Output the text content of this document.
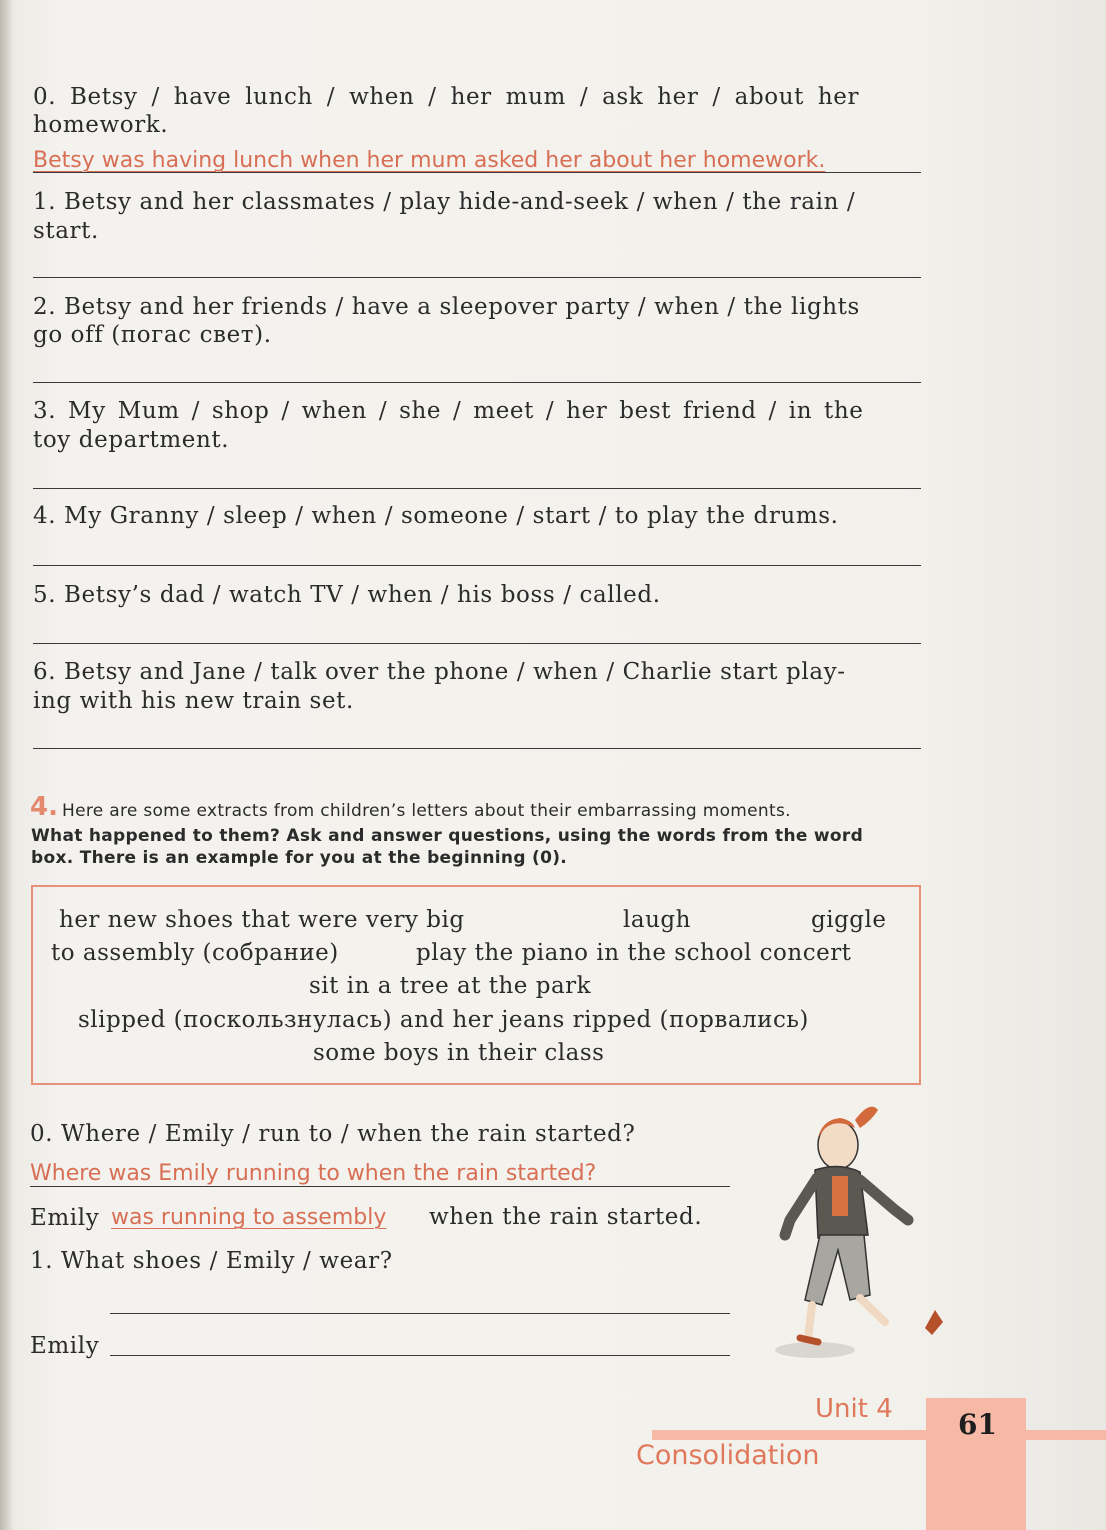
0. Betsy / have lunch / when / her mum / ask her / about her
homework.
Betsy was having lunch when her mum asked her about her homework.
1. Betsy and her classmates / play hide-and-seek / when / the rain /
start.
2. Betsy and her friends / have a sleepover party / when / the lights
go off (погас свет).
3. My Mum / shop / when / she / meet / her best friend / in the
toy department.
4. My Granny / sleep / when / someone / start / to play the drums.
5. Betsy’s dad / watch TV / when / his boss / called.
6. Betsy and Jane / talk over the phone / when / Charlie start play-
ing with his new train set.
4. Here are some extracts from children’s letters about their embarrassing moments.
What happened to them? Ask and answer questions, using the words from the word
box. There is an example for you at the beginning (0).
her new shoes that were very big	laugh	giggle
to assembly (собрание)	play the piano in the school concert
sit in a tree at the park
slipped (поскользнулась) and her jeans ripped (порвались)
some boys in their class
0. Where / Emily / run to / when the rain started?
Where was Emily running to when the rain started?
Emily was running to assembly when the rain started.
1. What shoes / Emily / wear?
Emily
61
Unit 4
Consolidation
